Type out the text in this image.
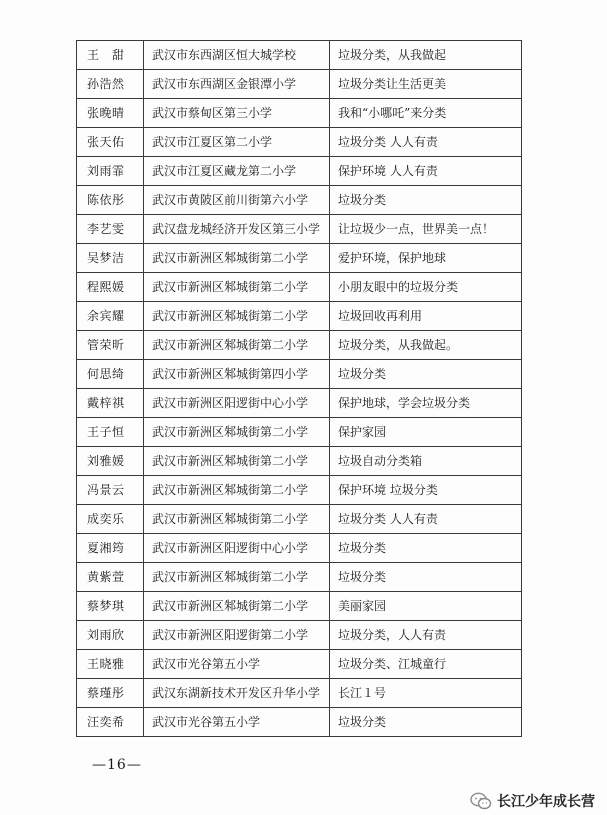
王　甜	武汉市东西湖区恒大城学校	垃圾分类，从我做起
孙浩然	武汉市东西湖区金银潭小学	垃圾分类让生活更美
张晚晴	武汉市蔡甸区第三小学	我和“小哪吒”来分类
张天佑	武汉市江夏区第二小学	垃圾分类 人人有责
刘雨霏	武汉市江夏区藏龙第二小学	保护环境 人人有责
陈依彤	武汉市黄陂区前川街第六小学	垃圾分类
李艺雯	武汉盘龙城经济开发区第三小学	让垃圾少一点，世界美一点！
吴梦洁	武汉市新洲区邾城街第二小学	爱护环境，保护地球
程熙媛	武汉市新洲区邾城街第二小学	小朋友眼中的垃圾分类
余宾耀	武汉市新洲区邾城街第二小学	垃圾回收再利用
管荣昕	武汉市新洲区邾城街第二小学	垃圾分类，从我做起。
何思绮	武汉市新洲区邾城街第四小学	垃圾分类
戴梓祺	武汉市新洲区阳逻街中心小学	保护地球，学会垃圾分类
王子恒	武汉市新洲区邾城街第二小学	保护家园
刘雅媛	武汉市新洲区邾城街第二小学	垃圾自动分类箱
冯景云	武汉市新洲区邾城街第二小学	保护环境 垃圾分类
成奕乐	武汉市新洲区邾城街第二小学	垃圾分类 人人有责
夏湘筠	武汉市新洲区阳逻街中心小学	垃圾分类
黄紫萱	武汉市新洲区邾城街第二小学	垃圾分类
蔡梦琪	武汉市新洲区邾城街第二小学	美丽家园
刘雨欣	武汉市新洲区阳逻街第二小学	垃圾分类，人人有责
王晓雅	武汉市光谷第五小学	垃圾分类、江城童行
蔡瑾彤	武汉东湖新技术开发区升华小学	长江１号
汪奕希	武汉市光谷第五小学	垃圾分类
—16—
长江少年成长营
